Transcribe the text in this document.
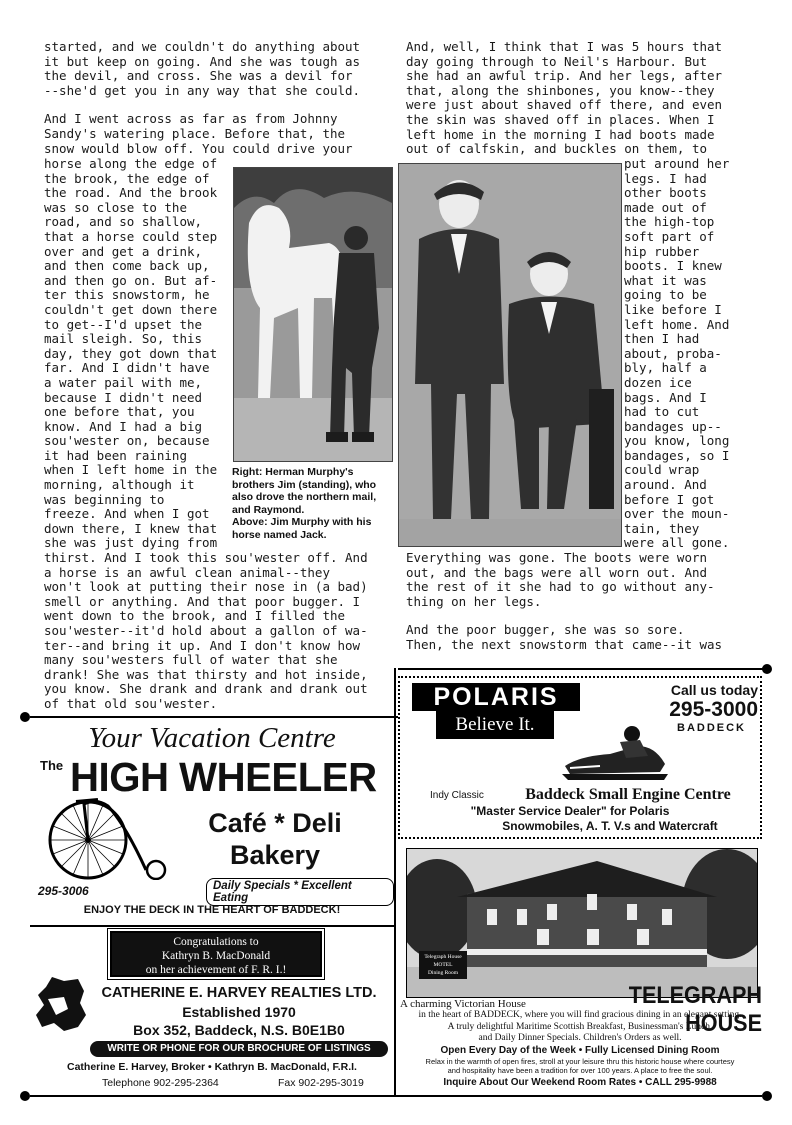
started, and we couldn't do anything about
it but keep on going. And she was tough as
the devil, and cross. She was a devil for
--she'd get you in any way that she could.

And I went across as far as from Johnny
Sandy's watering place. Before that, the
snow would blow off. You could drive your

horse along the edge of
the brook, the edge of
the road. And the brook
was so close to the
road, and so shallow,
that a horse could step
over and get a drink,
and then come back up,
and then go on. But af-
ter this snowstorm, he
couldn't get down there
to get--I'd upset the
mail sleigh. So, this
day, they got down that
far. And I didn't have
a water pail with me,
because I didn't need
one before that, you
know. And I had a big
sou'wester on, because
it had been raining
when I left home in the
morning, although it
was beginning to
freeze. And when I got
down there, I knew that
she was just dying from

thirst. And I took this sou'wester off. And
a horse is an awful clean animal--they
won't look at putting their nose in (a bad)
smell or anything. And that poor bugger. I
went down to the brook, and I filled the
sou'wester--it'd hold about a gallon of wa-
ter--and bring it up. And I don't know how
many sou'westers full of water that she
drank! She was that thirsty and hot inside,
you know. She drank and drank and drank out
of that old sou'wester.

Right: Herman Murphy's
brothers Jim (standing), who
also drove the northern mail,
and Raymond.
Above: Jim Murphy with his
horse named Jack.

And, well, I think that I was 5 hours that
day going through to Neil's Harbour. But
she had an awful trip. And her legs, after
that, along the shinbones, you know--they
were just about shaved off there, and even
the skin was shaved off in places. When I
left home in the morning I had boots made
out of calfskin, and buckles on them, to

put around her
legs. I had
other boots
made out of
the high-top
soft part of
hip rubber
boots. I knew
what it was
going to be
like before I
left home. And
then I had
about, proba-
bly, half a
dozen ice
bags. And I
had to cut
bandages up--
you know, long
bandages, so I
could wrap
around. And
before I got
over the moun-
tain, they
were all gone.

Everything was gone. The boots were worn
out, and the bags were all worn out. And
the rest of it she had to go without any-
thing on her legs.

And the poor bugger, she was so sore.
Then, the next snowstorm that came--it was

Your Vacation Centre
The HIGH WHEELER
Café * Deli
Bakery
295-3006	Daily Specials * Excellent Eating
ENJOY THE DECK IN THE HEART OF BADDECK!
Congratulations to
Kathryn B. MacDonald
on her achievement of F. R. I.!
CATHERINE E. HARVEY REALTIES LTD.
Established 1970
Box 352, Baddeck, N.S. B0E1B0
WRITE OR PHONE FOR OUR BROCHURE OF LISTINGS
Catherine E. Harvey, Broker • Kathryn B. MacDonald, F.R.I.
Telephone 902-295-2364	Fax 902-295-3019
POLARIS
Believe It.
Call us today
295-3000
BADDECK
Indy Classic	Baddeck Small Engine Centre
"Master Service Dealer" for Polaris
Snowmobiles, A. T. V.s and Watercraft
Telegraph House
MOTEL
Dining Room
A charming Victorian House	TELEGRAPH HOUSE
in the heart of BADDECK, where you will find gracious dining in an elegant setting.
A truly delightful Maritime Scottish Breakfast, Businessman's Lunch,
and Daily Dinner Specials. Children's Orders as well.
Open Every Day of the Week • Fully Licensed Dining Room
Relax in the warmth of open fires, stroll at your leisure thru this historic house where courtesy
and hospitality have been a tradition for over 100 years. A place to free the soul.
Inquire About Our Weekend Room Rates • CALL 295-9988
